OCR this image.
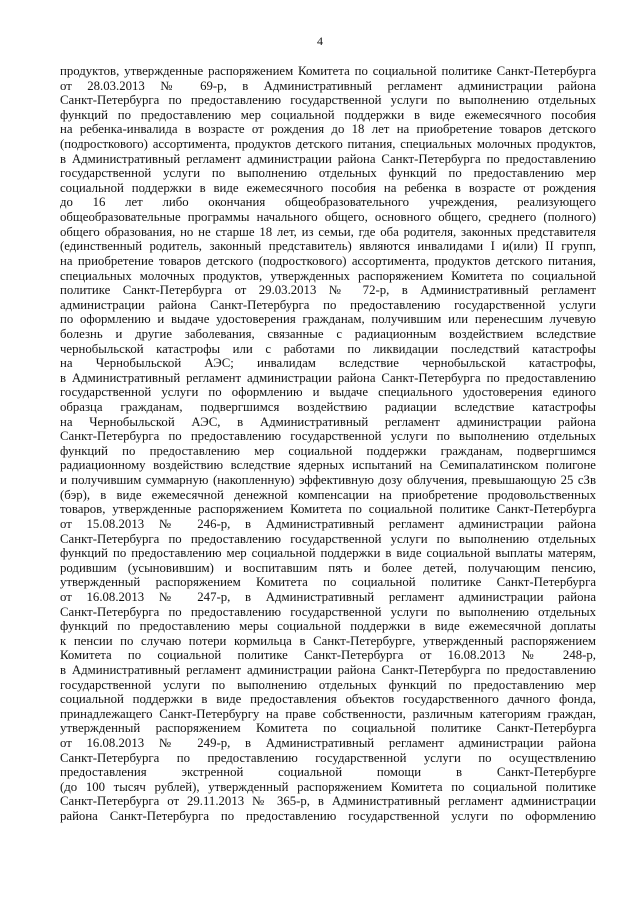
4
продуктов, утвержденные распоряжением Комитета по социальной политике Санкт-Петербурга
от 28.03.2013 № 69-р, в Административный регламент администрации района
Санкт-Петербурга по предоставлению государственной услуги по выполнению отдельных
функций по предоставлению мер социальной поддержки в виде ежемесячного пособия
на ребенка-инвалида в возрасте от рождения до 18 лет на приобретение товаров детского
(подросткового) ассортимента, продуктов детского питания, специальных молочных продуктов,
в Административный регламент администрации района Санкт-Петербурга по предоставлению
государственной услуги по выполнению отдельных функций по предоставлению мер
социальной поддержки в виде ежемесячного пособия на ребенка в возрасте от рождения
до 16 лет либо окончания общеобразовательного учреждения, реализующего
общеобразовательные программы начального общего, основного общего, среднего (полного)
общего образования, но не старше 18 лет, из семьи, где оба родителя, законных представителя
(единственный родитель, законный представитель) являются инвалидами I и(или) II групп,
на приобретение товаров детского (подросткового) ассортимента, продуктов детского питания,
специальных молочных продуктов, утвержденных распоряжением Комитета по социальной
политике Санкт-Петербурга от 29.03.2013 № 72-р, в Административный регламент
администрации района Санкт-Петербурга по предоставлению государственной услуги
по оформлению и выдаче удостоверения гражданам, получившим или перенесшим лучевую
болезнь и другие заболевания, связанные с радиационным воздействием вследствие
чернобыльской катастрофы или с работами по ликвидации последствий катастрофы
на Чернобыльской АЭС; инвалидам вследствие чернобыльской катастрофы,
в Административный регламент администрации района Санкт-Петербурга по предоставлению
государственной услуги по оформлению и выдаче специального удостоверения единого
образца гражданам, подвергшимся воздействию радиации вследствие катастрофы
на Чернобыльской АЭС, в Административный регламент администрации района
Санкт-Петербурга по предоставлению государственной услуги по выполнению отдельных
функций по предоставлению мер социальной поддержки гражданам, подвергшимся
радиационному воздействию вследствие ядерных испытаний на Семипалатинском полигоне
и получившим суммарную (накопленную) эффективную дозу облучения, превышающую 25 сЗв
(бэр), в виде ежемесячной денежной компенсации на приобретение продовольственных
товаров, утвержденные распоряжением Комитета по социальной политике Санкт-Петербурга
от 15.08.2013 № 246-р, в Административный регламент администрации района
Санкт-Петербурга по предоставлению государственной услуги по выполнению отдельных
функций по предоставлению мер социальной поддержки в виде социальной выплаты матерям,
родившим (усыновившим) и воспитавшим пять и более детей, получающим пенсию,
утвержденный распоряжением Комитета по социальной политике Санкт-Петербурга
от 16.08.2013 № 247-р, в Административный регламент администрации района
Санкт-Петербурга по предоставлению государственной услуги по выполнению отдельных
функций по предоставлению меры социальной поддержки в виде ежемесячной доплаты
к пенсии по случаю потери кормильца в Санкт-Петербурге, утвержденный распоряжением
Комитета по социальной политике Санкт-Петербурга от 16.08.2013 № 248-р,
в Административный регламент администрации района Санкт-Петербурга по предоставлению
государственной услуги по выполнению отдельных функций по предоставлению мер
социальной поддержки в виде предоставления объектов государственного дачного фонда,
принадлежащего Санкт-Петербургу на праве собственности, различным категориям граждан,
утвержденный распоряжением Комитета по социальной политике Санкт-Петербурга
от 16.08.2013 № 249-р, в Административный регламент администрации района
Санкт-Петербурга по предоставлению государственной услуги по осуществлению
предоставления экстренной социальной помощи в Санкт-Петербурге
(до 100 тысяч рублей), утвержденный распоряжением Комитета по социальной политике
Санкт-Петербурга от 29.11.2013 № 365-р, в Административный регламент администрации
района Санкт-Петербурга по предоставлению государственной услуги по оформлению
